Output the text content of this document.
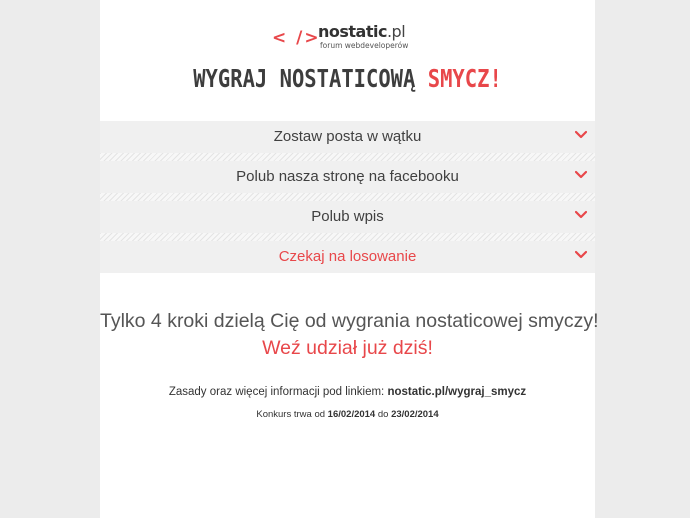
< />
nostatic.pl
forum webdeveloperów
WYGRAJ NOSTATICOWĄ SMYCZ!
Zostaw posta w wątku
Polub nasza stronę na facebooku
Polub wpis
Czekaj na losowanie
Tylko 4 kroki dzielą Cię od wygrania nostaticowej smyczy!
Weź udział już dziś!
Zasady oraz więcej informacji pod linkiem: nostatic.pl/wygraj_smycz
Konkurs trwa od 16/02/2014 do 23/02/2014
